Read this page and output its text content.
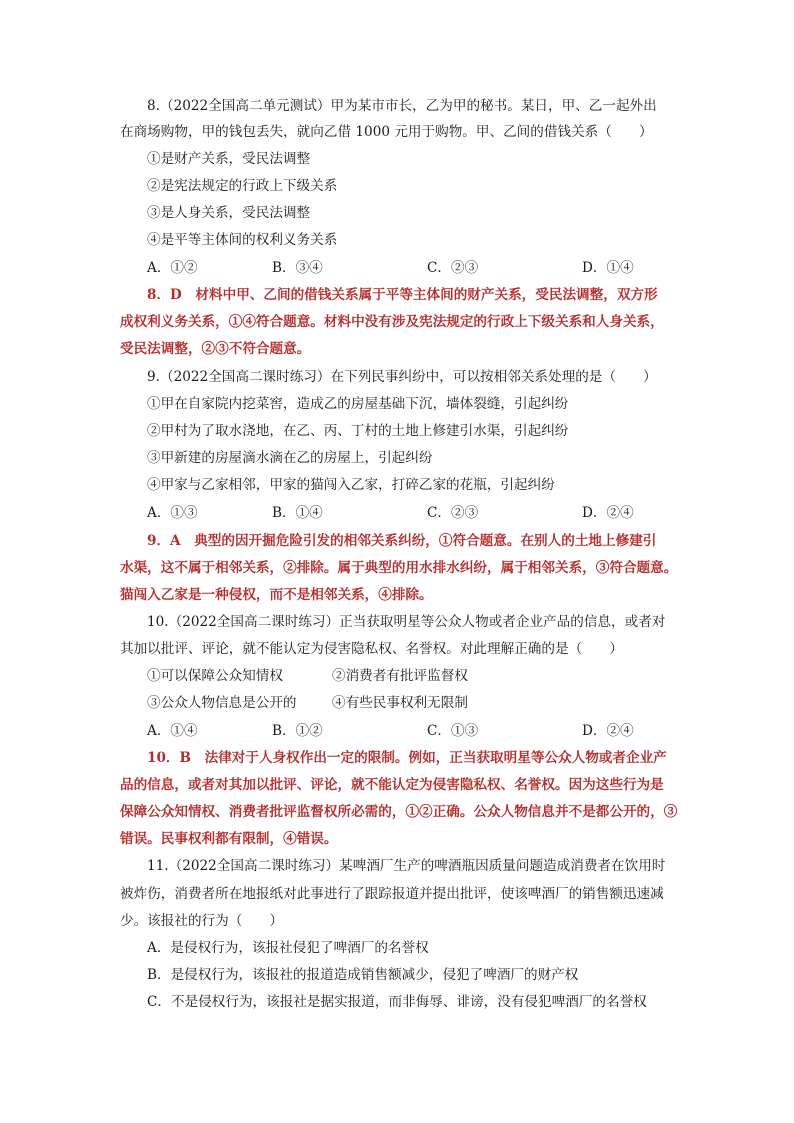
8.（2022全国高二单元测试）甲为某市市长，乙为甲的秘书。某日，甲、乙一起外出
在商场购物，甲的钱包丢失，就向乙借 1000 元用于购物。甲、乙间的借钱关系（　　）
①是财产关系，受民法调整
②是宪法规定的行政上下级关系
③是人身关系，受民法调整
④是平等主体间的权利义务关系
A．①②	B．③④	C．②③	D．①④
8．D　材料中甲、乙间的借钱关系属于平等主体间的财产关系，受民法调整，双方形
成权利义务关系，①④符合题意。材料中没有涉及宪法规定的行政上下级关系和人身关系，
受民法调整，②③不符合题意。
9.（2022全国高二课时练习）在下列民事纠纷中，可以按相邻关系处理的是（　　）
①甲在自家院内挖菜窖，造成乙的房屋基础下沉，墙体裂缝，引起纠纷
②甲村为了取水浇地，在乙、丙、丁村的土地上修建引水渠，引起纠纷
③甲新建的房屋滴水滴在乙的房屋上，引起纠纷
④甲家与乙家相邻，甲家的猫闯入乙家，打碎乙家的花瓶，引起纠纷
A．①③	B．①④	C．②③	D．②④
9．A　典型的因开掘危险引发的相邻关系纠纷，①符合题意。在别人的土地上修建引
水渠，这不属于相邻关系，②排除。属于典型的用水排水纠纷，属于相邻关系，③符合题意。
猫闯入乙家是一种侵权，而不是相邻关系，④排除。
10.（2022全国高二课时练习）正当获取明星等公众人物或者企业产品的信息，或者对
其加以批评、评论，就不能认定为侵害隐私权、名誉权。对此理解正确的是（　　）
①可以保障公众知情权	②消费者有批评监督权
③公众人物信息是公开的	④有些民事权利无限制
A．①④	B．①②	C．①③	D．②④
10．B　法律对于人身权作出一定的限制。例如，正当获取明星等公众人物或者企业产
品的信息，或者对其加以批评、评论，就不能认定为侵害隐私权、名誉权。因为这些行为是
保障公众知情权、消费者批评监督权所必需的，①②正确。公众人物信息并不是都公开的，③
错误。民事权利都有限制，④错误。
11.（2022全国高二课时练习）某啤酒厂生产的啤酒瓶因质量问题造成消费者在饮用时
被炸伤，消费者所在地报纸对此事进行了跟踪报道并提出批评，使该啤酒厂的销售额迅速减
少。该报社的行为（　　）
A．是侵权行为，该报社侵犯了啤酒厂的名誉权
B．是侵权行为，该报社的报道造成销售额减少，侵犯了啤酒厂的财产权
C．不是侵权行为，该报社是据实报道，而非侮辱、诽谤，没有侵犯啤酒厂的名誉权
